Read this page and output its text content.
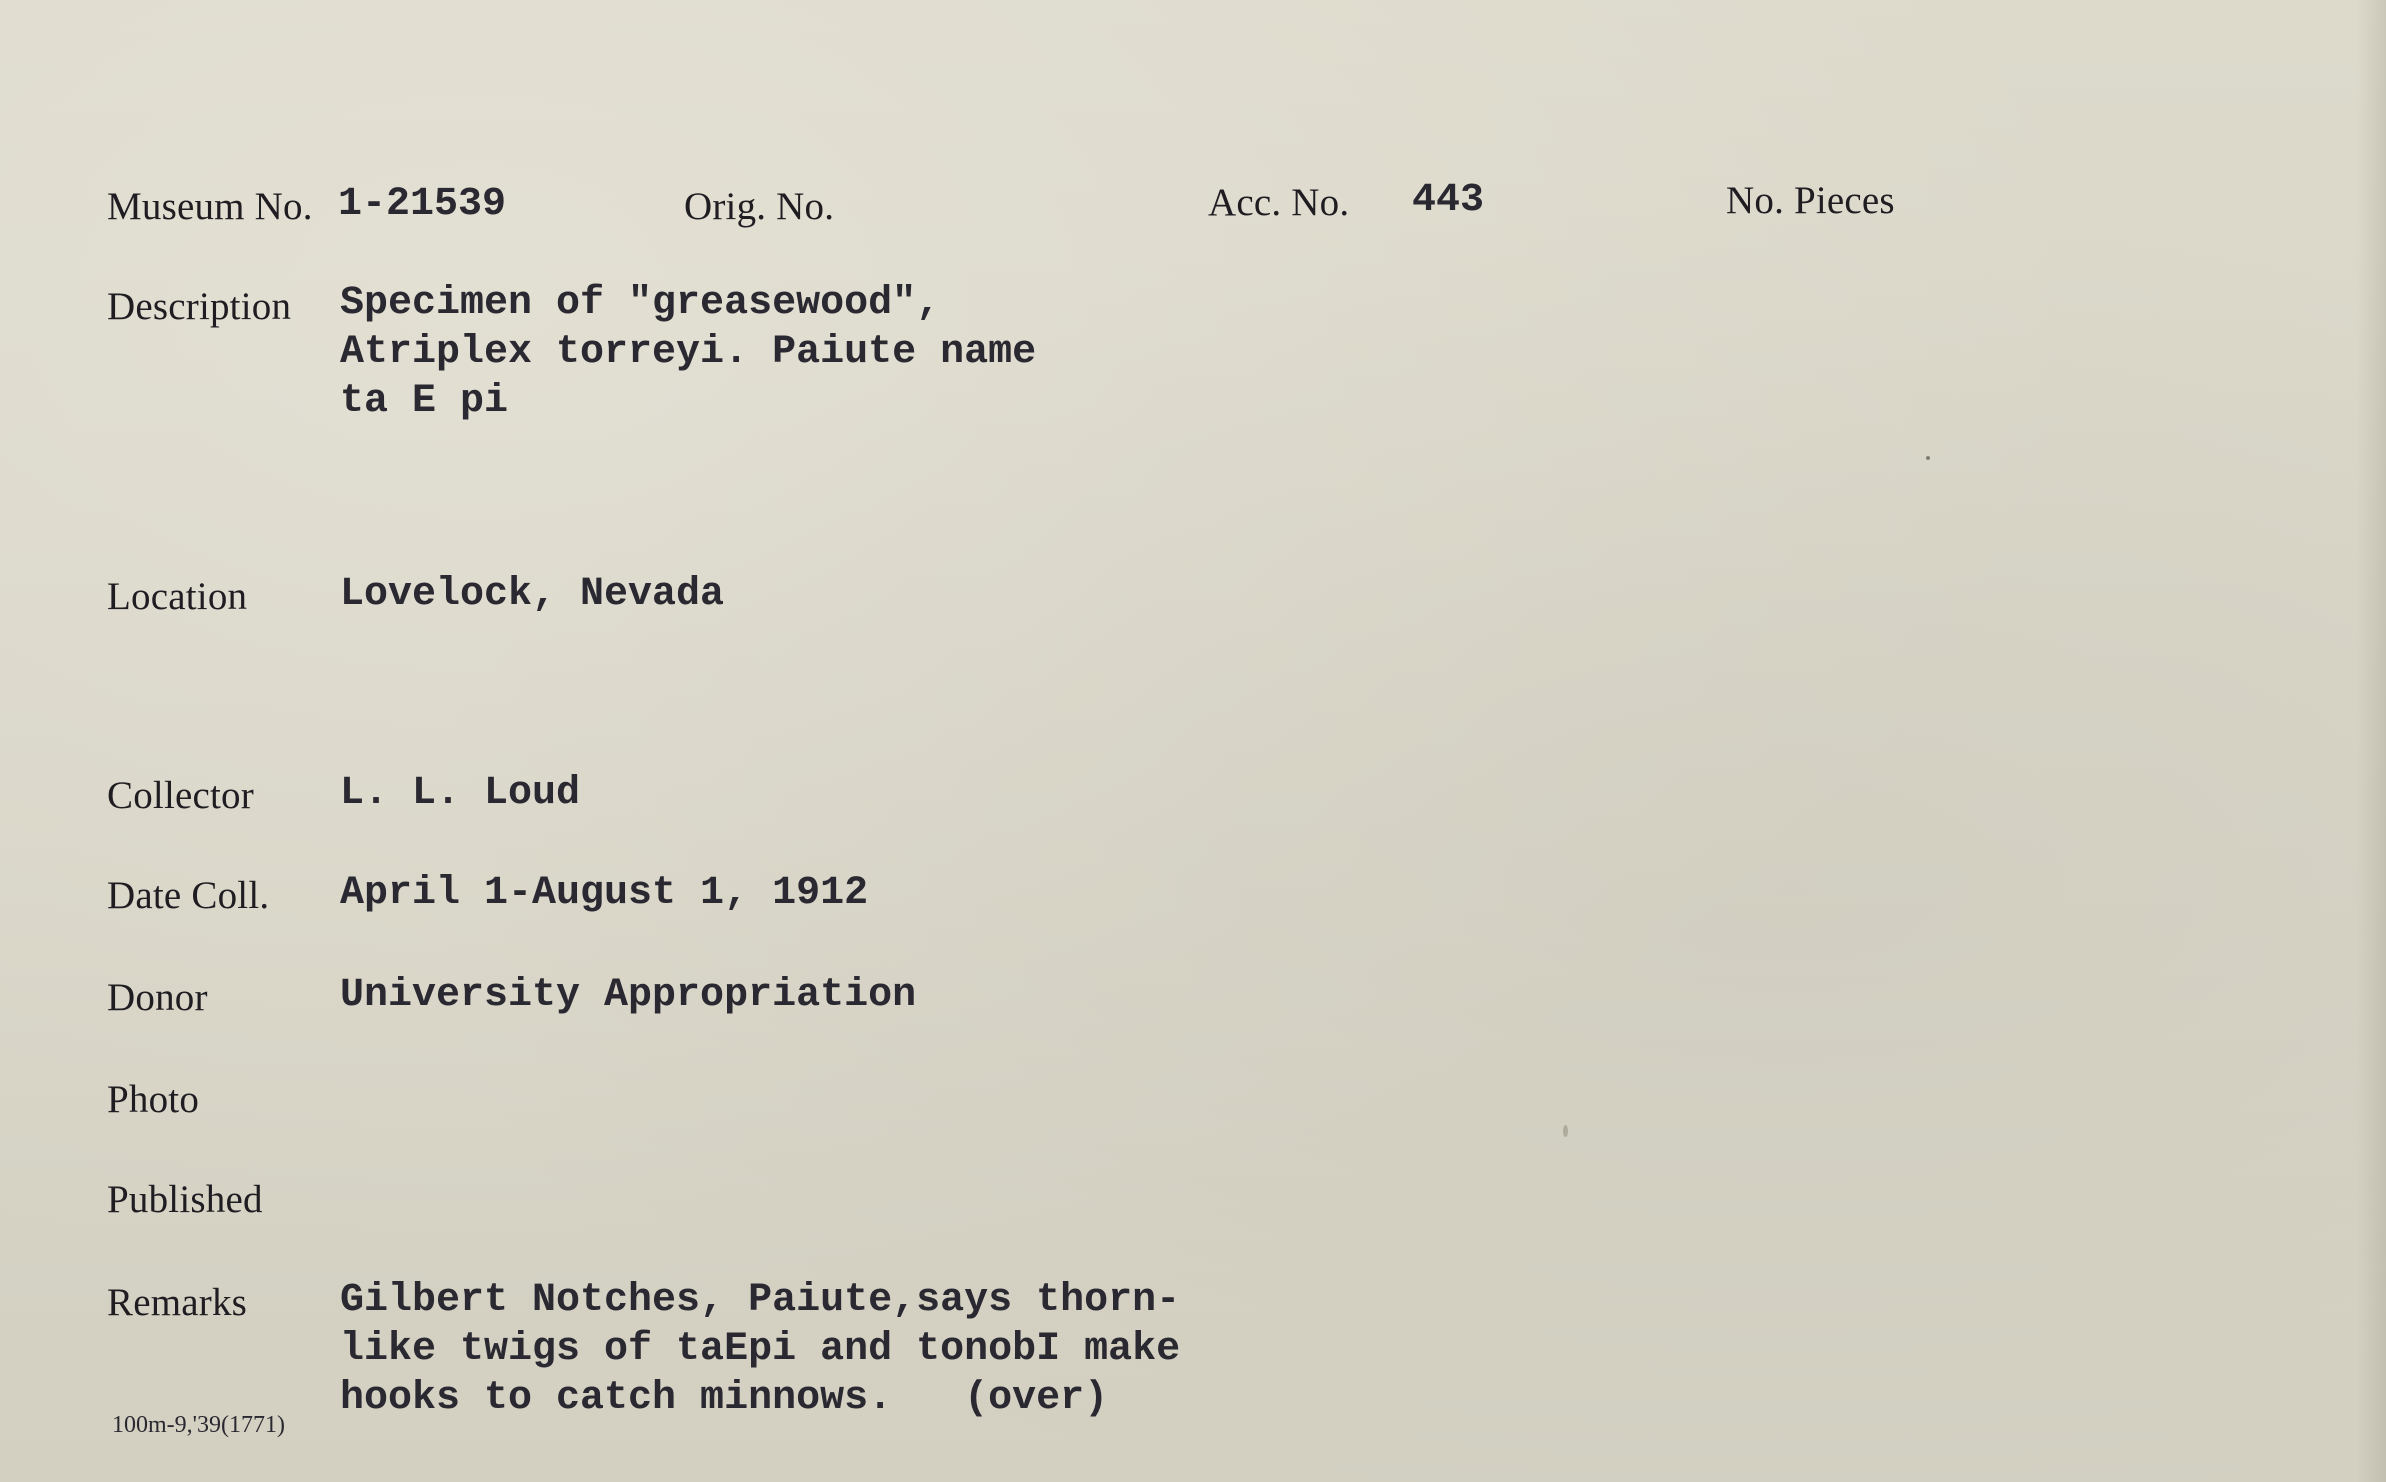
Museum No. 1-21539	Orig. No.	Acc. No. 443	No. Pieces
Description Specimen of "greasewood",
Atriplex torreyi. Paiute name
ta E pi
Location Lovelock, Nevada
Collector L. L. Loud
Date Coll. April 1-August 1, 1912
Donor	University Appropriation
Photo
Published
Remarks Gilbert Notches, Paiute,says thorn-
like twigs of taEpi and tonobI make
hooks to catch minnows.   (over)
100m-9,'39(1771)
